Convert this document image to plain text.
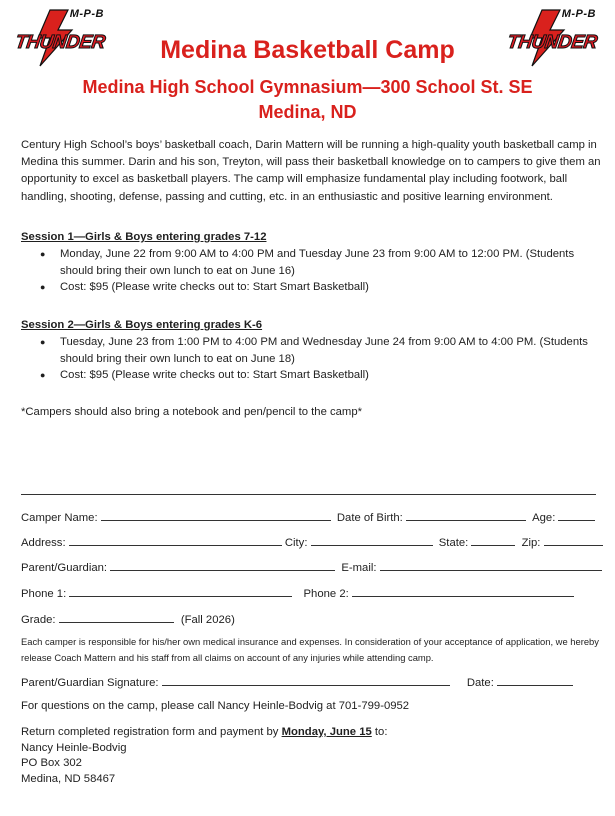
M-P-B
THUNDER
M-P-B
THUNDER
Medina Basketball Camp
Medina High School Gymnasium—300 School St. SE
Medina, ND
Century High School’s boys’ basketball coach, Darin Mattern will be running a high-quality youth basketball camp in Medina this summer. Darin and his son, Treyton, will pass their basketball knowledge on to campers to give them an opportunity to excel as basketball players. The camp will emphasize fundamental play including footwork, ball handling, shooting, defense, passing and cutting, etc. in an enthusiastic and positive learning environment.
Session 1—Girls & Boys entering grades 7-12
● Monday, June 22 from 9:00 AM to 4:00 PM and Tuesday June 23 from 9:00 AM to 12:00 PM. (Students should bring their own lunch to eat on June 16)
● Cost: $95 (Please write checks out to: Start Smart Basketball)
Session 2—Girls & Boys entering grades K-6
● Tuesday, June 23 from 1:00 PM to 4:00 PM and Wednesday June 24 from 9:00 AM to 4:00 PM. (Students should bring their own lunch to eat on June 18)
● Cost: $95 (Please write checks out to: Start Smart Basketball)
*Campers should also bring a notebook and pen/pencil to the camp*
Camper Name:	Date of Birth:	Age:
Address:	City:	State:	Zip:
Parent/Guardian:	E-mail:
Phone 1:	Phone 2:
Grade:	(Fall 2026)
Each camper is responsible for his/her own medical insurance and expenses. In consideration of your acceptance of application, we hereby release Coach Mattern and his staff from all claims on account of any injuries while attending camp.
Parent/Guardian Signature:	Date:
For questions on the camp, please call Nancy Heinle-Bodvig at 701-799-0952
Return completed registration form and payment by Monday, June 15 to:
Nancy Heinle-Bodvig
PO Box 302
Medina, ND 58467
